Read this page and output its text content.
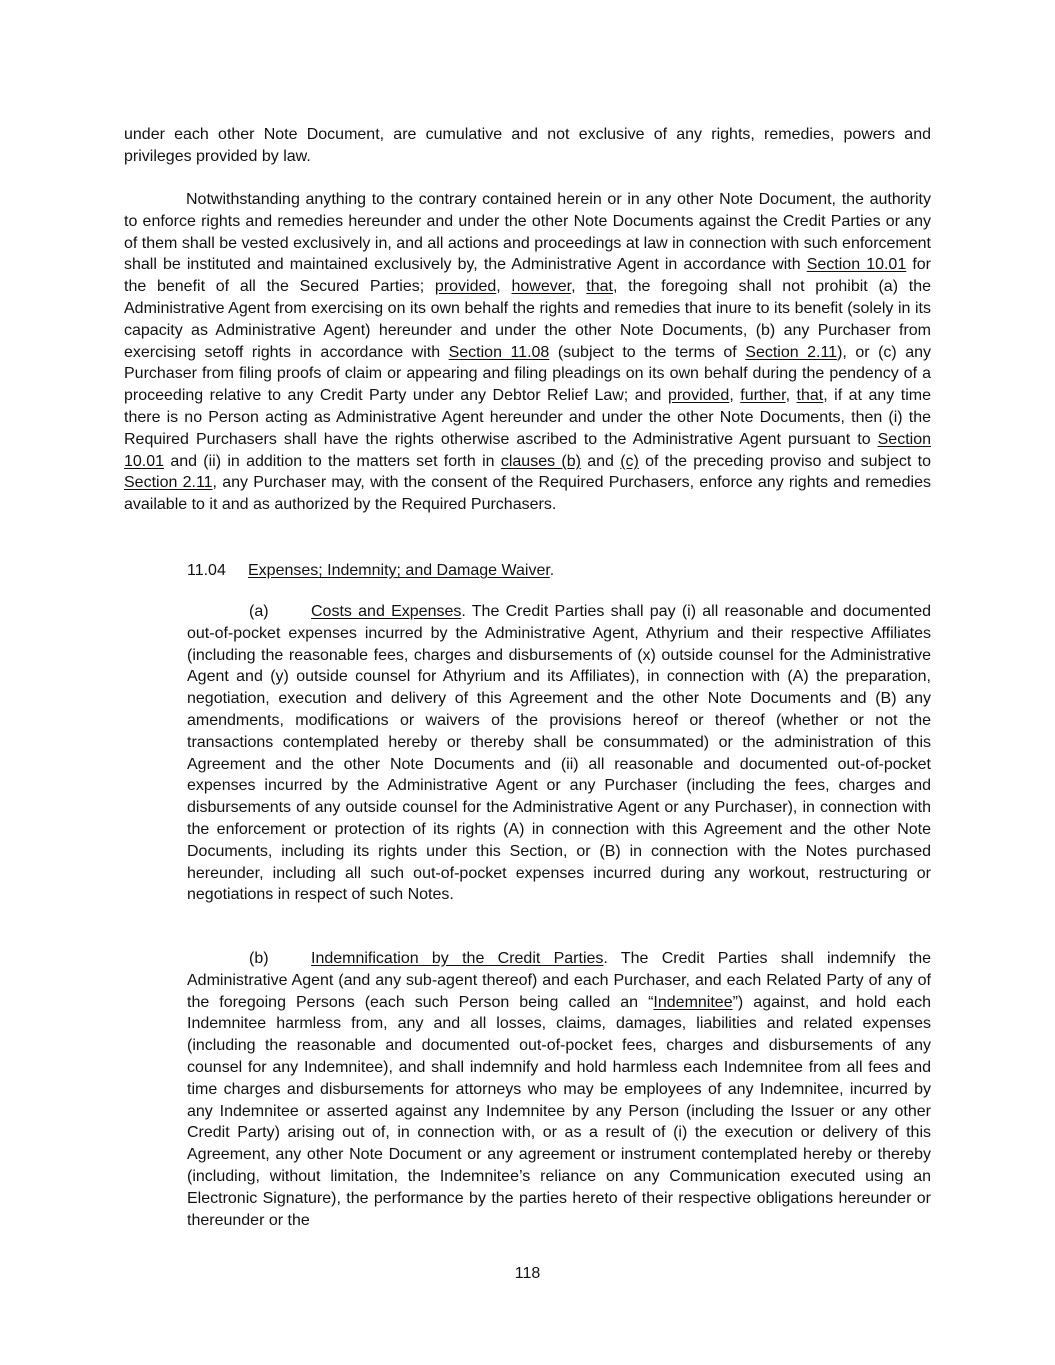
under each other Note Document, are cumulative and not exclusive of any rights, remedies, powers and privileges provided by law.

Notwithstanding anything to the contrary contained herein or in any other Note Document, the authority to enforce rights and remedies hereunder and under the other Note Documents against the Credit Parties or any of them shall be vested exclusively in, and all actions and proceedings at law in connection with such enforcement shall be instituted and maintained exclusively by, the Administrative Agent in accordance with Section 10.01 for the benefit of all the Secured Parties; provided, however, that, the foregoing shall not prohibit (a) the Administrative Agent from exercising on its own behalf the rights and remedies that inure to its benefit (solely in its capacity as Administrative Agent) hereunder and under the other Note Documents, (b) any Purchaser from exercising setoff rights in accordance with Section 11.08 (subject to the terms of Section 2.11), or (c) any Purchaser from filing proofs of claim or appearing and filing pleadings on its own behalf during the pendency of a proceeding relative to any Credit Party under any Debtor Relief Law; and provided, further, that, if at any time there is no Person acting as Administrative Agent hereunder and under the other Note Documents, then (i) the Required Purchasers shall have the rights otherwise ascribed to the Administrative Agent pursuant to Section 10.01 and (ii) in addition to the matters set forth in clauses (b) and (c) of the preceding proviso and subject to Section 2.11, any Purchaser may, with the consent of the Required Purchasers, enforce any rights and remedies available to it and as authorized by the Required Purchasers.

11.04 Expenses; Indemnity; and Damage Waiver.

(a)	Costs and Expenses. The Credit Parties shall pay (i) all reasonable and documented out-of-pocket expenses incurred by the Administrative Agent, Athyrium and their respective Affiliates (including the reasonable fees, charges and disbursements of (x) outside counsel for the Administrative Agent and (y) outside counsel for Athyrium and its Affiliates), in connection with (A) the preparation, negotiation, execution and delivery of this Agreement and the other Note Documents and (B) any amendments, modifications or waivers of the provisions hereof or thereof (whether or not the transactions contemplated hereby or thereby shall be consummated) or the administration of this Agreement and the other Note Documents and (ii) all reasonable and documented out-of-pocket expenses incurred by the Administrative Agent or any Purchaser (including the fees, charges and disbursements of any outside counsel for the Administrative Agent or any Purchaser), in connection with the enforcement or protection of its rights (A) in connection with this Agreement and the other Note Documents, including its rights under this Section, or (B) in connection with the Notes purchased hereunder, including all such out-of-pocket expenses incurred during any workout, restructuring or negotiations in respect of such Notes.

(b)	Indemnification by the Credit Parties. The Credit Parties shall indemnify the Administrative Agent (and any sub-agent thereof) and each Purchaser, and each Related Party of any of the foregoing Persons (each such Person being called an “Indemnitee”) against, and hold each Indemnitee harmless from, any and all losses, claims, damages, liabilities and related expenses (including the reasonable and documented out-of-pocket fees, charges and disbursements of any counsel for any Indemnitee), and shall indemnify and hold harmless each Indemnitee from all fees and time charges and disbursements for attorneys who may be employees of any Indemnitee, incurred by any Indemnitee or asserted against any Indemnitee by any Person (including the Issuer or any other Credit Party) arising out of, in connection with, or as a result of (i) the execution or delivery of this Agreement, any other Note Document or any agreement or instrument contemplated hereby or thereby (including, without limitation, the Indemnitee’s reliance on any Communication executed using an Electronic Signature), the performance by the parties hereto of their respective obligations hereunder or thereunder or the

118
